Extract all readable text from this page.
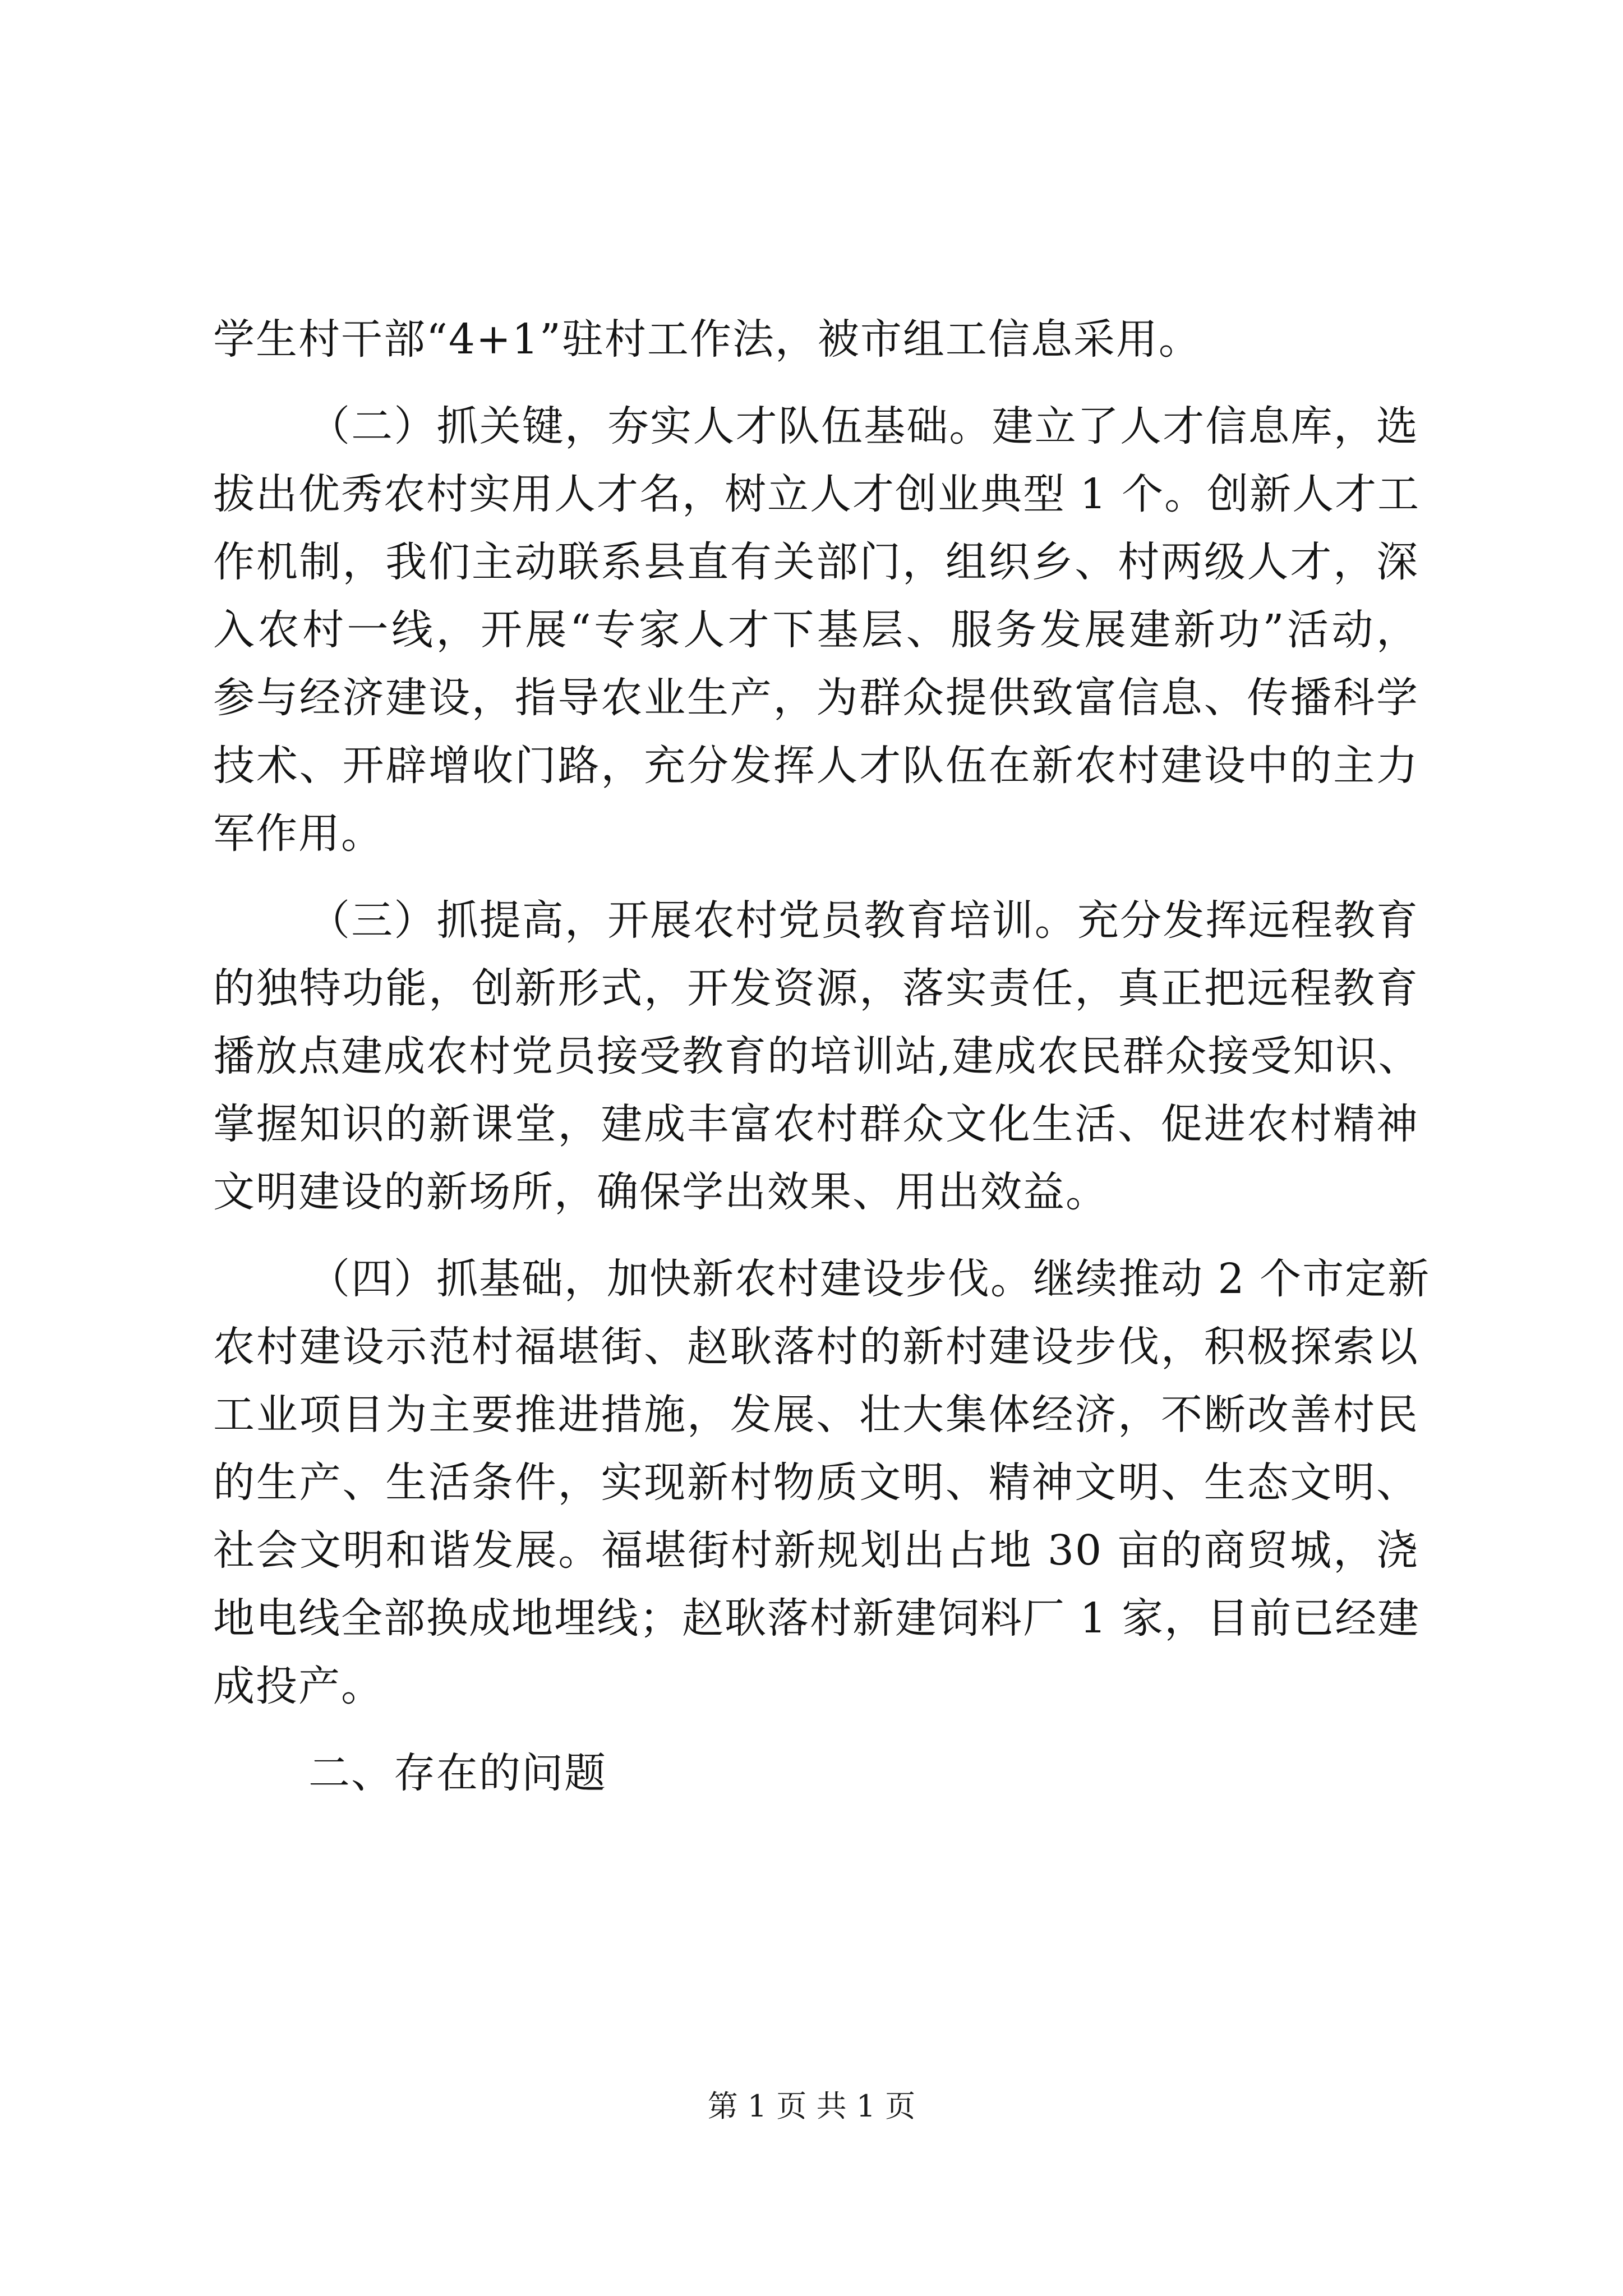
学生村干部“4+1”驻村工作法，被市组工信息采用。
（二）抓关键，夯实人才队伍基础。建立了人才信息库，选
拔出优秀农村实用人才名，树立人才创业典型 1 个。创新人才工
作机制，我们主动联系县直有关部门，组织乡、村两级人才，深
入农村一线，开展“专家人才下基层、服务发展建新功”活动，
参与经济建设，指导农业生产，为群众提供致富信息、传播科学
技术、开辟增收门路，充分发挥人才队伍在新农村建设中的主力
军作用。
（三）抓提高，开展农村党员教育培训。充分发挥远程教育
的独特功能，创新形式，开发资源，落实责任，真正把远程教育
播放点建成农村党员接受教育的培训站,建成农民群众接受知识、
掌握知识的新课堂，建成丰富农村群众文化生活、促进农村精神
文明建设的新场所，确保学出效果、用出效益。
（四）抓基础，加快新农村建设步伐。继续推动 2 个市定新
农村建设示范村福堪街、赵耿落村的新村建设步伐，积极探索以
工业项目为主要推进措施，发展、壮大集体经济，不断改善村民
的生产、生活条件，实现新村物质文明、精神文明、生态文明、
社会文明和谐发展。福堪街村新规划出占地 30 亩的商贸城，浇
地电线全部换成地埋线；赵耿落村新建饲料厂 1 家，目前已经建
成投产。
二、存在的问题
第 1 页 共 1 页
